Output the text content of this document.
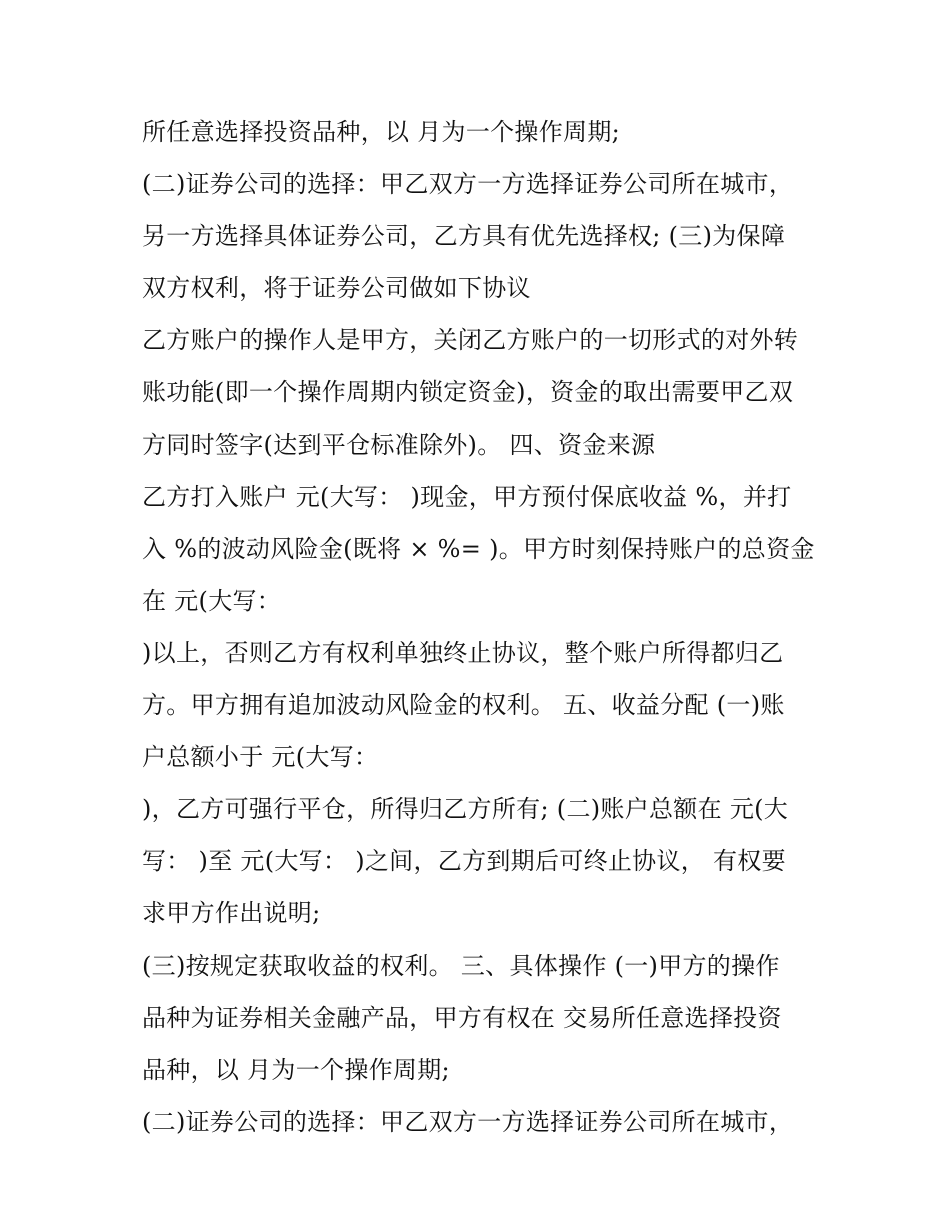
所任意选择投资品种，以 月为一个操作周期;
(二)证券公司的选择：甲乙双方一方选择证券公司所在城市，
另一方选择具体证券公司，乙方具有优先选择权; (三)为保障
双方权利，将于证券公司做如下协议
乙方账户的操作人是甲方，关闭乙方账户的一切形式的对外转
账功能(即一个操作周期内锁定资金)，资金的取出需要甲乙双
方同时签字(达到平仓标准除外)。 四、资金来源
乙方打入账户 元(大写： )现金，甲方预付保底收益 %，并打
入 %的波动风险金(既将 × %= )。甲方时刻保持账户的总资金
在 元(大写：
)以上，否则乙方有权利单独终止协议，整个账户所得都归乙
方。甲方拥有追加波动风险金的权利。 五、收益分配 (一)账
户总额小于 元(大写：
)，乙方可强行平仓，所得归乙方所有; (二)账户总额在 元(大
写： )至 元(大写： )之间，乙方到期后可终止协议， 有权要
求甲方作出说明;
(三)按规定获取收益的权利。 三、具体操作 (一)甲方的操作
品种为证券相关金融产品，甲方有权在 交易所任意选择投资
品种，以 月为一个操作周期;
(二)证券公司的选择：甲乙双方一方选择证券公司所在城市，
